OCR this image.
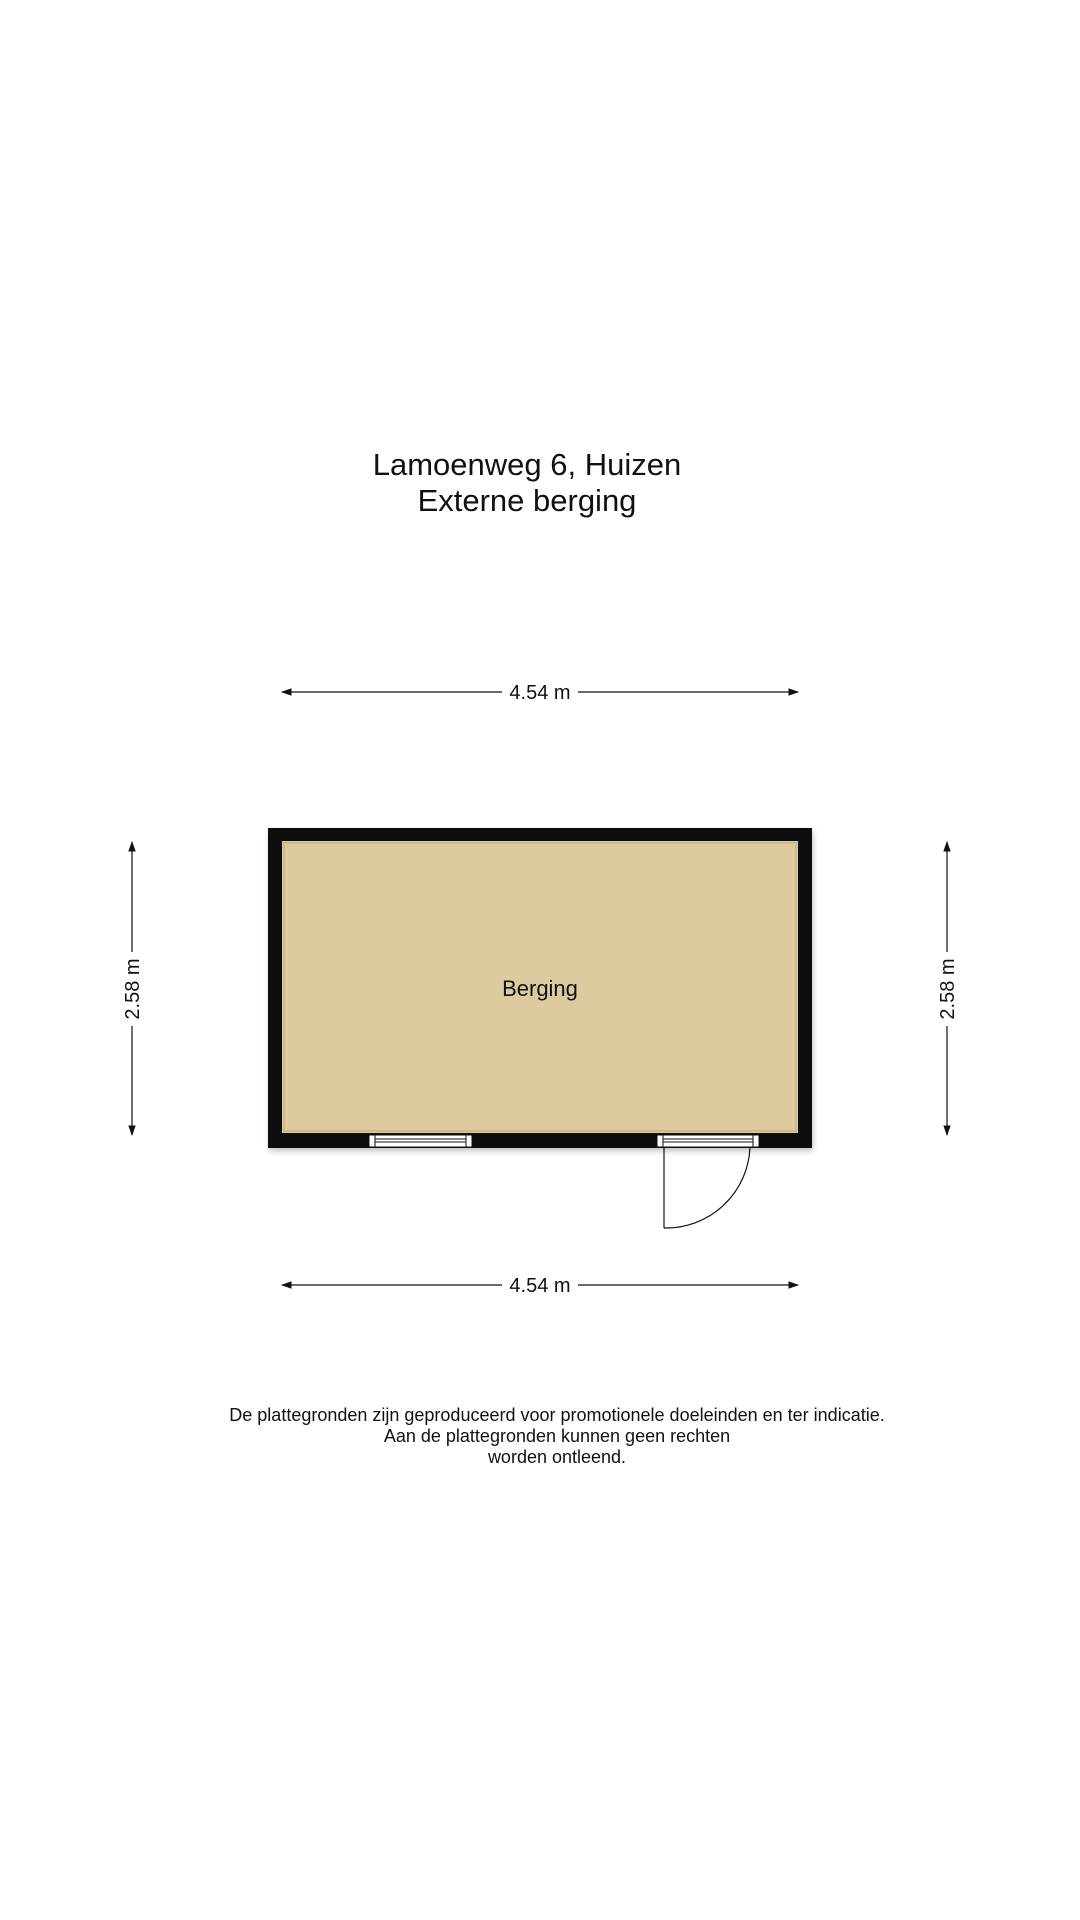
Lamoenweg 6, Huizen
Externe berging
4.54 m
4.54 m
2.58 m	2.58 m
Berging
De plattegronden zijn geproduceerd voor promotionele doeleinden en ter indicatie.
Aan de plattegronden kunnen geen rechten
worden ontleend.
